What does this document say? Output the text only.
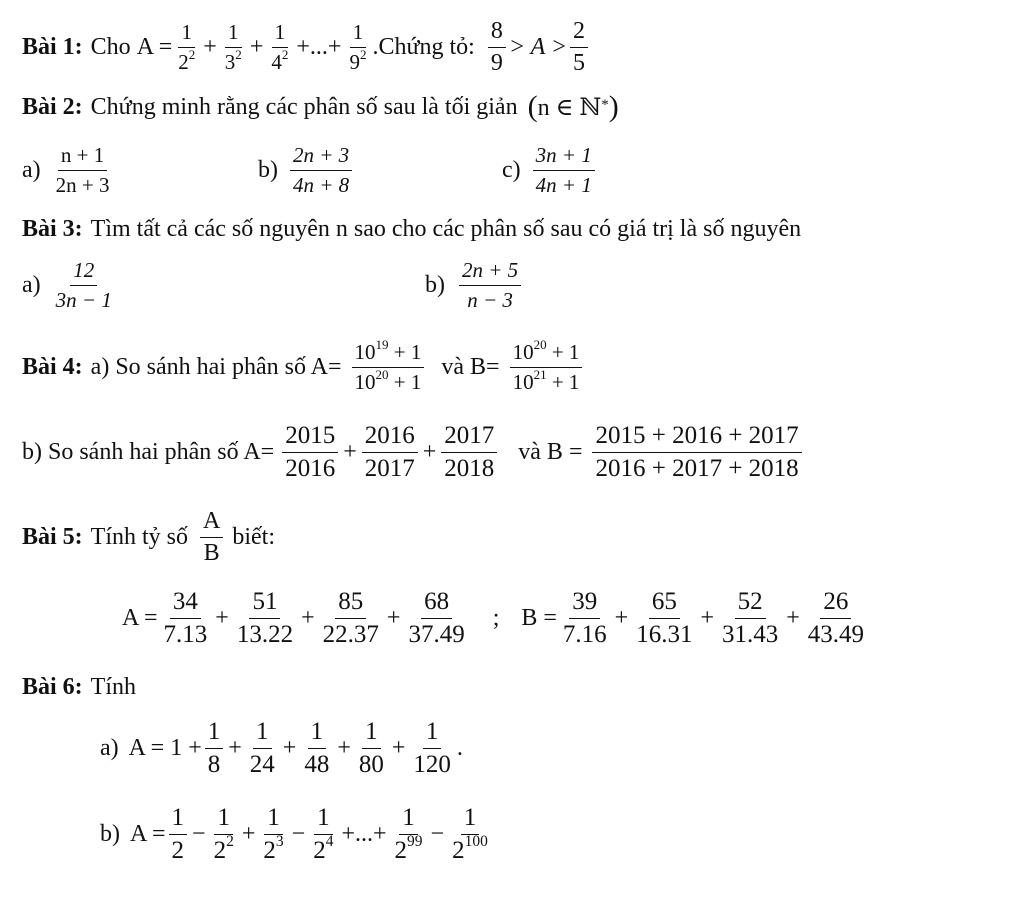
Bài 1: Cho $A = \frac{1}{2^2} + \frac{1}{3^2} + \frac{1}{4^2}$ +...+ $\frac{1}{9^2}$ .Chứng tỏ: $\frac{8}{9} > A > \frac{2}{5}$
Bài 2: Chứng minh rằng các phân số sau là tối giản ( n ∈ ℕ* )
$a) \frac{n + 1}{2n + 3}$	$b) \frac{2n + 3}{4n + 8}$	$c) \frac{3n + 1}{4n + 1}$
Bài 3: Tìm tất cả các số nguyên n sao cho các phân số sau có giá trị là số nguyên
$a) \frac{12}{3n - 1}$	$b) \frac{2n + 5}{n - 3}$
Bài 4: a) So sánh hai phân số $A= \frac{10^{19} + 1}{10^{20} + 1}$ và $B= \frac{10^{20} + 1}{10^{21} + 1}$
b) So sánh hai phân số $A= \frac{2015}{2016} + \frac{2016}{2017} + \frac{2017}{2018}$ và $B = \frac{2015 + 2016 + 2017}{2016 + 2017 + 2018}$
Bài 5: Tính tỷ số $\frac{A}{B}$ biết:
$A = \frac{34}{7.13} + \frac{51}{13.22} + \frac{85}{22.37} + \frac{68}{37.49}$ ; $B = \frac{39}{7.16} + \frac{65}{16.31} + \frac{52}{31.43} + \frac{26}{43.49}$
Bài 6: Tính
a) $A = 1 + \frac{1}{8} + \frac{1}{24} + \frac{1}{48} + \frac{1}{80} + \frac{1}{120}$ .
b) $A = \frac{1}{2} - \frac{1}{2^2} + \frac{1}{2^3} - \frac{1}{2^4}$ +...+ $\frac{1}{2^{99}} - \frac{1}{2^{100}}$
